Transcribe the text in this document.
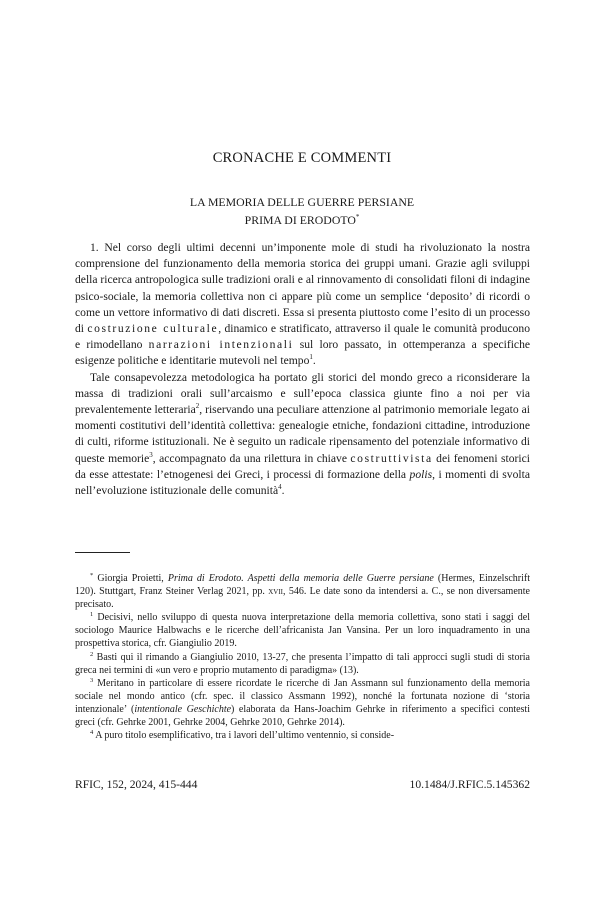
CRONACHE E COMMENTI
LA MEMORIA DELLE GUERRE PERSIANE
PRIMA DI ERODOTO*

1. Nel corso degli ultimi decenni un’imponente mole di studi ha rivoluzionato la nostra comprensione del funzionamento della memoria storica dei gruppi umani. Grazie agli sviluppi della ricerca antropologica sulle tradizioni orali e al rinnovamento di consolidati filoni di indagine psico-sociale, la memoria collettiva non ci appare più come un semplice ‘deposito’ di ricordi o come un vettore informativo di dati discreti. Essa si presenta piuttosto come l’esito di un processo di costruzione culturale, dinamico e stratificato, attraverso il quale le comunità producono e rimodellano narrazioni intenzionali sul loro passato, in ottemperanza a specifiche esigenze politiche e identitarie mutevoli nel tempo$^1$.

Tale consapevolezza metodologica ha portato gli storici del mondo greco a riconsiderare la massa di tradizioni orali sull’arcaismo e sull’epoca classica giunte fino a noi per via prevalentemente letteraria$^2$, riservando una peculiare attenzione al patrimonio memoriale legato ai momenti costitutivi dell’identità collettiva: genealogie etniche, fondazioni cittadine, introduzione di culti, riforme istituzionali. Ne è seguito un radicale ripensamento del potenziale informativo di queste memorie$^3$, accompagnato da una rilettura in chiave costruttivista dei fenomeni storici da esse attestate: l’etnogenesi dei Greci, i processi di formazione della polis, i momenti di svolta nell’evoluzione istituzionale delle comunità$^4$.

* Giorgia Proietti, Prima di Erodoto. Aspetti della memoria delle Guerre persiane (Hermes, Einzelschrift 120). Stuttgart, Franz Steiner Verlag 2021, pp. xvii, 546. Le date sono da intendersi a. C., se non diversamente precisato.

$^1$ Decisivi, nello sviluppo di questa nuova interpretazione della memoria collettiva, sono stati i saggi del sociologo Maurice Halbwachs e le ricerche dell’africanista Jan Vansina. Per un loro inquadramento in una prospettiva storica, cfr. Giangiulio 2019.

$^2$ Basti qui il rimando a Giangiulio 2010, 13-27, che presenta l’impatto di tali approcci sugli studi di storia greca nei termini di «un vero e proprio mutamento di paradigma» (13).

$^3$ Meritano in particolare di essere ricordate le ricerche di Jan Assmann sul funzionamento della memoria sociale nel mondo antico (cfr. spec. il classico Assmann 1992), nonché la fortunata nozione di ‘storia intenzionale’ (intentionale Geschichte) elaborata da Hans-Joachim Gehrke in riferimento a specifici contesti greci (cfr. Gehrke 2001, Gehrke 2004, Gehrke 2010, Gehrke 2014).

$^4$ A puro titolo esemplificativo, tra i lavori dell’ultimo ventennio, si conside-

RFIC, 152, 2024, 415-444	10.1484/J.RFIC.5.145362
